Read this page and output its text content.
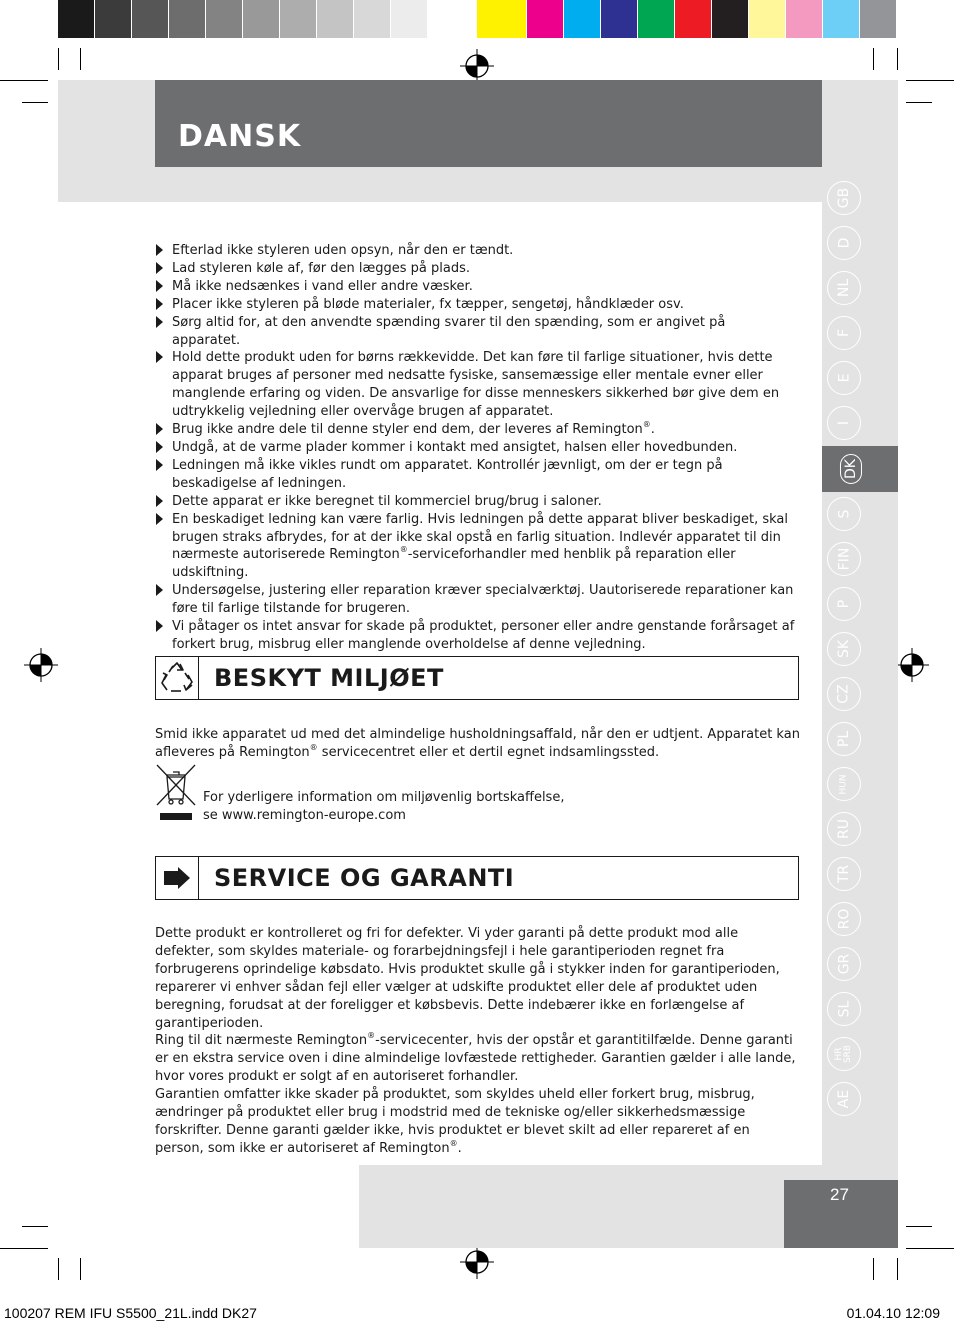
DANSK
27
GB
D
NL
F
E
I
DK
S
FIN
P
SK
CZ
PL
HUN
RU
TR
RO
GR
SL
HR
SRB
AE
Efterlad ikke styleren uden opsyn, når den er tændt.
Lad styleren køle af, før den lægges på plads.
Må ikke nedsænkes i vand eller andre væsker.
Placer ikke styleren på bløde materialer, fx tæpper, sengetøj, håndklæder osv.
Sørg altid for, at den anvendte spænding svarer til den spænding, som er angivet på apparatet.
Hold dette produkt uden for børns rækkevidde. Det kan føre til farlige situationer, hvis dette apparat bruges af personer med nedsatte fysiske, sansemæssige eller mentale evner eller manglende erfaring og viden. De ansvarlige for disse menneskers sikkerhed bør give dem en udtrykkelig vejledning eller overvåge brugen af apparatet.
Brug ikke andre dele til denne styler end dem, der leveres af Remington®.
Undgå, at de varme plader kommer i kontakt med ansigtet, halsen eller hovedbunden.
Ledningen må ikke vikles rundt om apparatet. Kontrollér jævnligt, om der er tegn på beskadigelse af ledningen.
Dette apparat er ikke beregnet til kommerciel brug/brug i saloner.
En beskadiget ledning kan være farlig. Hvis ledningen på dette apparat bliver beskadiget, skal brugen straks afbrydes, for at der ikke skal opstå en farlig situation. Indlevér apparatet til din nærmeste autoriserede Remington®-serviceforhandler med henblik på reparation eller udskiftning.
Undersøgelse, justering eller reparation kræver specialværktøj. Uautoriserede reparationer kan føre til farlige tilstande for brugeren.
Vi påtager os intet ansvar for skade på produktet, personer eller andre genstande forårsaget af forkert brug, misbrug eller manglende overholdelse af denne vejledning.
BESKYT MILJØET

Smid ikke apparatet ud med det almindelige husholdningsaffald, når den er udtjent. Apparatet kan afleveres på Remington® servicecentret eller et dertil egnet indsamlingssted.

For yderligere information om miljøvenlig bortskaffelse,
se www.remington-europe.com
SERVICE OG GARANTI

Dette produkt er kontrolleret og fri for defekter. Vi yder garanti på dette produkt mod alle defekter, som skyldes materiale- og forarbejdningsfejl i hele garantiperioden regnet fra forbrugerens oprindelige købsdato. Hvis produktet skulle gå i stykker inden for garantiperioden, reparerer vi enhver sådan fejl eller vælger at udskifte produktet eller dele af produktet uden beregning, forudsat at der foreligger et købsbevis. Dette indebærer ikke en forlængelse af garantiperioden.

Ring til dit nærmeste Remington®-servicecenter, hvis der opstår et garantitilfælde. Denne garanti er en ekstra service oven i dine almindelige lovfæstede rettigheder. Garantien gælder i alle lande, hvor vores produkt er solgt af en autoriseret forhandler.

Garantien omfatter ikke skader på produktet, som skyldes uheld eller forkert brug, misbrug, ændringer på produktet eller brug i modstrid med de tekniske og/eller sikkerhedsmæssige forskrifter. Denne garanti gælder ikke, hvis produktet er blevet skilt ad eller repareret af en person, som ikke er autoriseret af Remington®.

100207 REM IFU S5500_21L.indd DK27	01.04.10 12:09
